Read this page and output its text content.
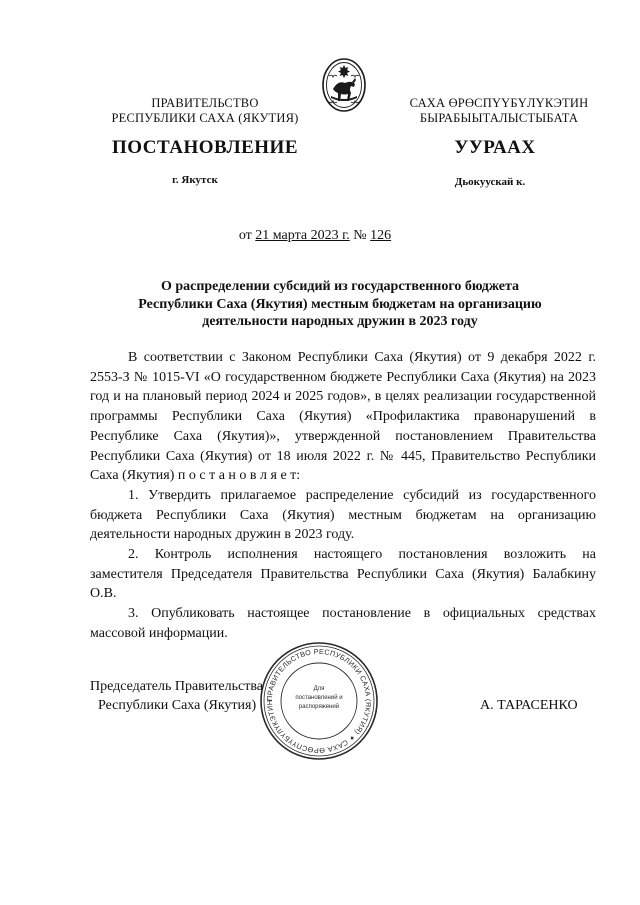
ПРАВИТЕЛЬСТВО
РЕСПУБЛИКИ САХА (ЯКУТИЯ)
САХА ӨРӨСПҮҮБҮЛҮКЭТИН
БЫРАБЫЫТАЛЫСТЫБАТА
ПОСТАНОВЛЕНИЕ	УУРААХ
г. Якутск	Дьокуускай к.
от 21 марта 2023 г. № 126
О распределении субсидий из государственного бюджета
Республики Саха (Якутия) местным бюджетам на организацию
деятельности народных дружин в 2023 году

В соответствии с Законом Республики Саха (Якутия) от 9 декабря 2022 г. 2553-З № 1015-VI «О государственном бюджете Республики Саха (Якутия) на 2023 год и на плановый период 2024 и 2025 годов», в целях реализации государственной программы Республики Саха (Якутия) «Профилактика правонарушений в Республике Саха (Якутия)», утвержденной постановлением Правительства Республики Саха (Якутия) от 18 июля 2022 г. № 445, Правительство Республики Саха (Якутия) п о с т а н о в л я е т:

1. Утвердить прилагаемое распределение субсидий из государственного бюджета Республики Саха (Якутия) местным бюджетам на организацию деятельности народных дружин в 2023 году.

2. Контроль исполнения настоящего постановления возложить на заместителя Председателя Правительства Республики Саха (Якутия) Балабкину О.В.

3. Опубликовать настоящее постановление в официальных средствах массовой информации.

Председатель Правительства
Республики Саха (Якутия)	А. ТАРАСЕНКО
ПРАВИТЕЛЬСТВО РЕСПУБЛИКИ САХА (ЯКУТИЯ) ✦ САХА ӨРӨСПҮҮБҮЛҮКЭТИН
Для
постановлений и
распоряжений
